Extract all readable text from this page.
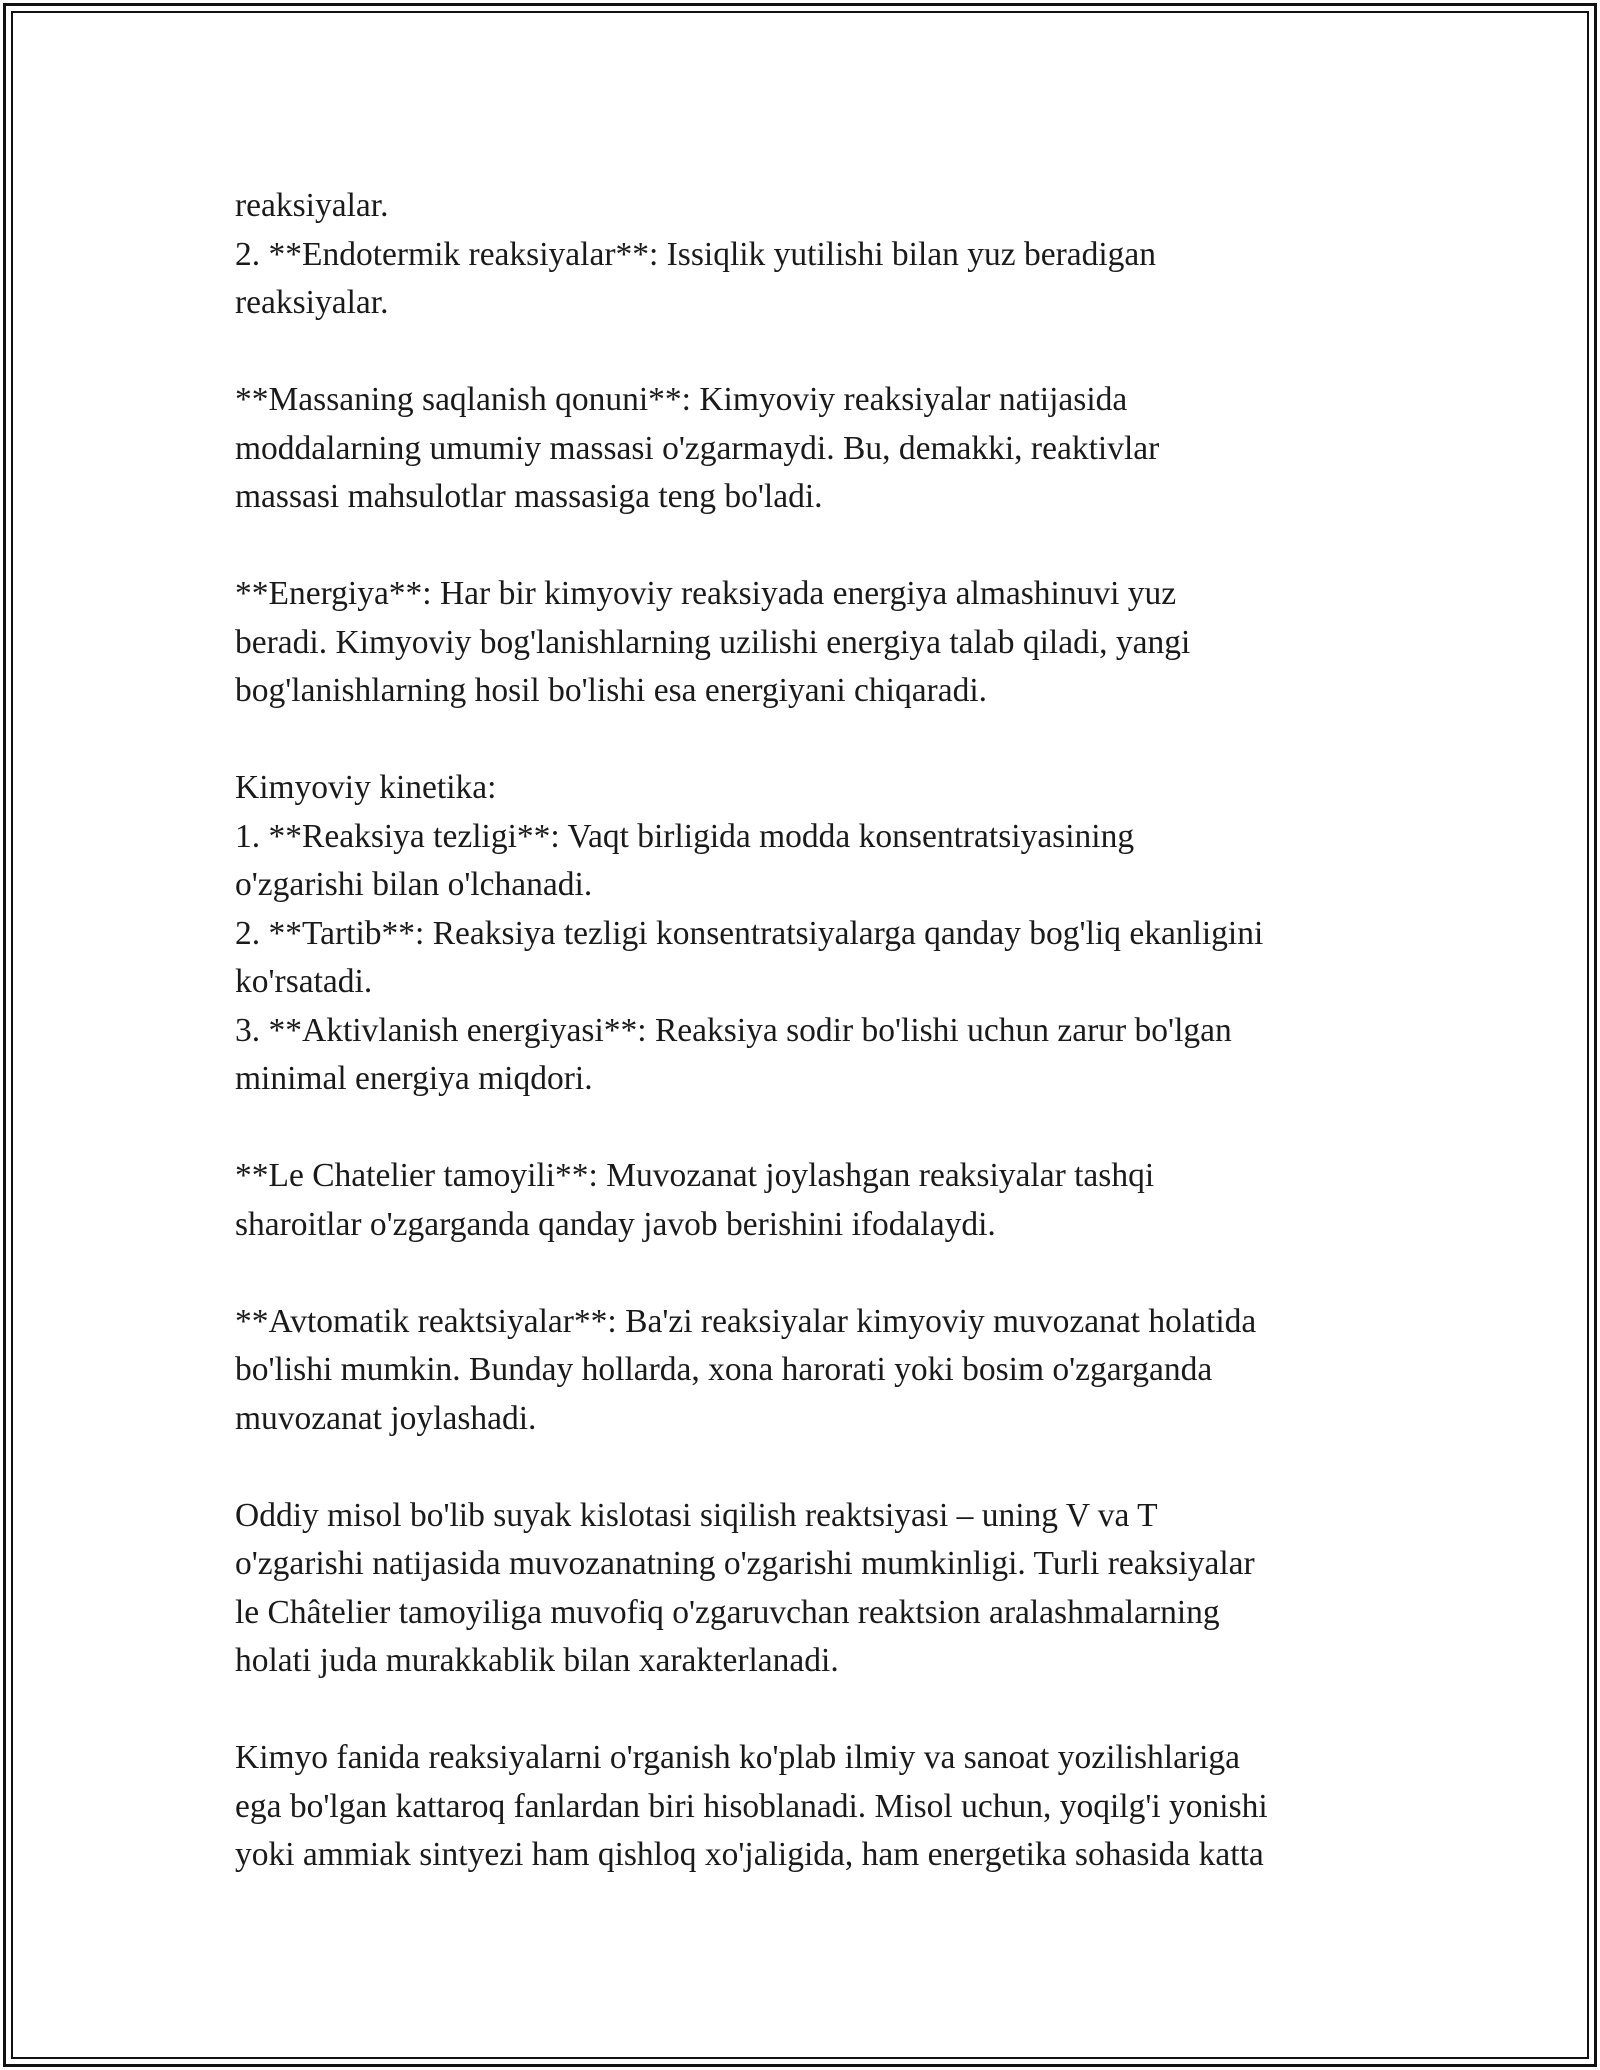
reaksiyalar.
2. **Endotermik reaksiyalar**: Issiqlik yutilishi bilan yuz beradigan
reaksiyalar.

**Massaning saqlanish qonuni**: Kimyoviy reaksiyalar natijasida
moddalarning umumiy massasi o'zgarmaydi. Bu, demakki, reaktivlar
massasi mahsulotlar massasiga teng bo'ladi.

**Energiya**: Har bir kimyoviy reaksiyada energiya almashinuvi yuz
beradi. Kimyoviy bog'lanishlarning uzilishi energiya talab qiladi, yangi
bog'lanishlarning hosil bo'lishi esa energiyani chiqaradi.

Kimyoviy kinetika:
1. **Reaksiya tezligi**: Vaqt birligida modda konsentratsiyasining
o'zgarishi bilan o'lchanadi.
2. **Tartib**: Reaksiya tezligi konsentratsiyalarga qanday bog'liq ekanligini
ko'rsatadi.
3. **Aktivlanish energiyasi**: Reaksiya sodir bo'lishi uchun zarur bo'lgan
minimal energiya miqdori.

**Le Chatelier tamoyili**: Muvozanat joylashgan reaksiyalar tashqi
sharoitlar o'zgarganda qanday javob berishini ifodalaydi.

**Avtomatik reaktsiyalar**: Ba'zi reaksiyalar kimyoviy muvozanat holatida
bo'lishi mumkin. Bunday hollarda, xona harorati yoki bosim o'zgarganda
muvozanat joylashadi.

Oddiy misol bo'lib suyak kislotasi siqilish reaktsiyasi – uning V va T
o'zgarishi natijasida muvozanatning o'zgarishi mumkinligi. Turli reaksiyalar
le Châtelier tamoyiliga muvofiq o'zgaruvchan reaktsion aralashmalarning
holati juda murakkablik bilan xarakterlanadi.

Kimyo fanida reaksiyalarni o'rganish ko'plab ilmiy va sanoat yozilishlariga
ega bo'lgan kattaroq fanlardan biri hisoblanadi. Misol uchun, yoqilg'i yonishi
yoki ammiak sintyezi ham qishloq xo'jaligida, ham energetika sohasida katta
